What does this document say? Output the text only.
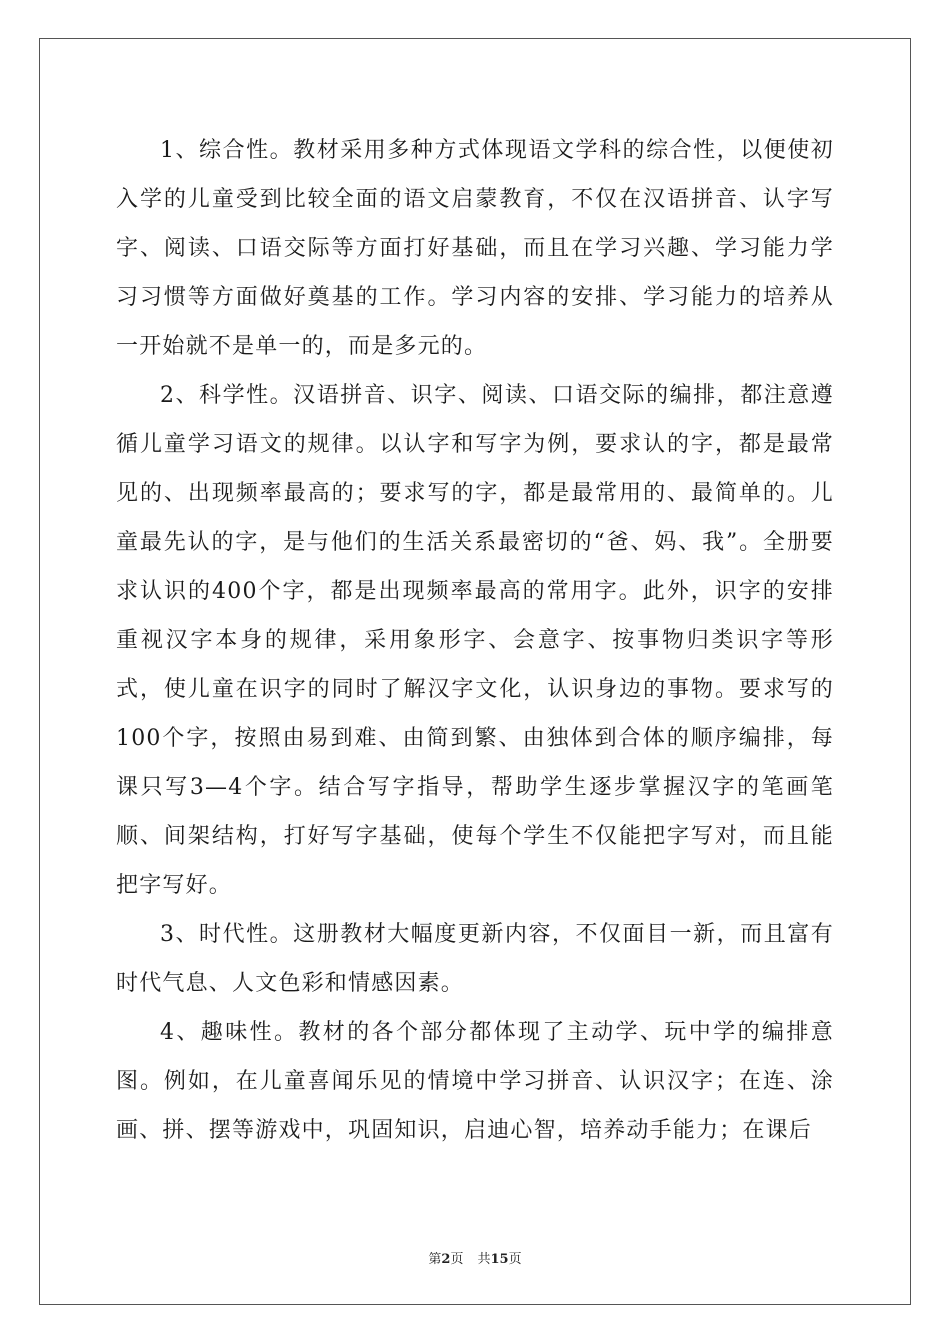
1、综合性。教材采用多种方式体现语文学科的综合性，以便使初入学的儿童受到比较全面的语文启蒙教育，不仅在汉语拼音、认字写字、阅读、口语交际等方面打好基础，而且在学习兴趣、学习能力学习习惯等方面做好奠基的工作。学习内容的安排、学习能力的培养从一开始就不是单一的，而是多元的。

2、科学性。汉语拼音、识字、阅读、口语交际的编排，都注意遵循儿童学习语文的规律。以认字和写字为例，要求认的字，都是最常见的、出现频率最高的；要求写的字，都是最常用的、最简单的。儿童最先认的字，是与他们的生活关系最密切的“爸、妈、我”。全册要求认识的400个字，都是出现频率最高的常用字。此外，识字的安排重视汉字本身的规律，采用象形字、会意字、按事物归类识字等形式，使儿童在识字的同时了解汉字文化，认识身边的事物。要求写的100个字，按照由易到难、由简到繁、由独体到合体的顺序编排，每课只写3—4个字。结合写字指导，帮助学生逐步掌握汉字的笔画笔顺、间架结构，打好写字基础，使每个学生不仅能把字写对，而且能把字写好。

3、时代性。这册教材大幅度更新内容，不仅面目一新，而且富有时代气息、人文色彩和情感因素。

4、趣味性。教材的各个部分都体现了主动学、玩中学的编排意图。例如，在儿童喜闻乐见的情境中学习拼音、认识汉字；在连、涂画、拼、摆等游戏中，巩固知识，启迪心智，培养动手能力；在课后

第2页 共15页
